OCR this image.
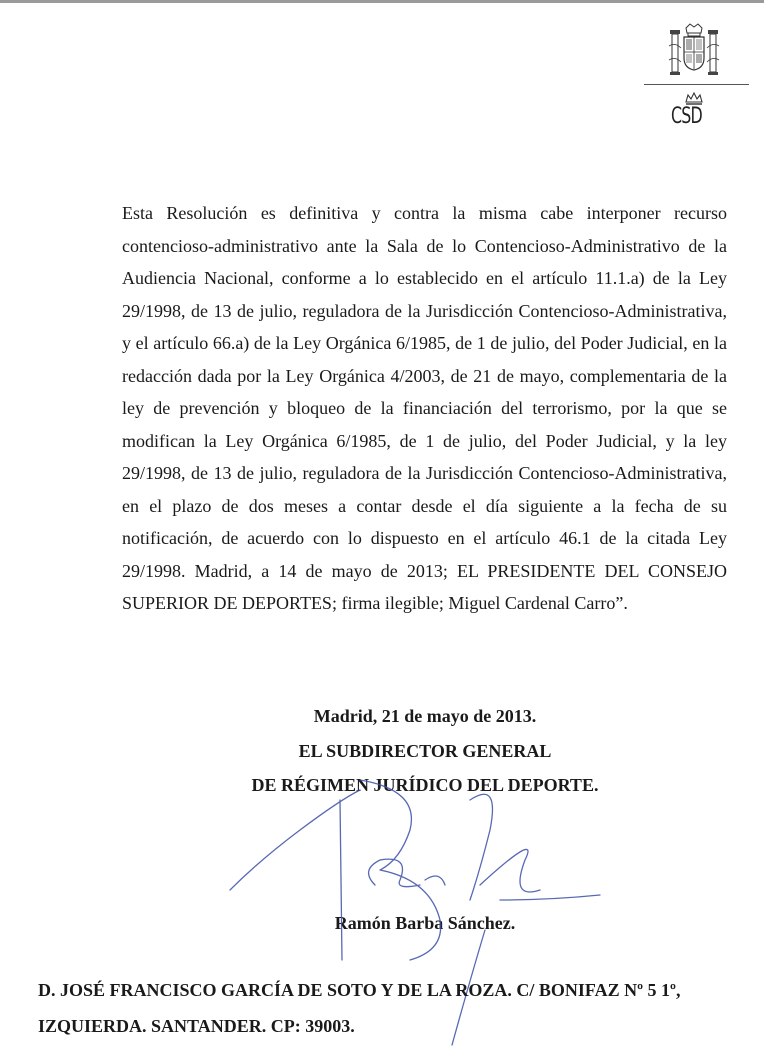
CSD

Esta Resolución es definitiva y contra la misma cabe interponer recurso contencioso-administrativo ante la Sala de lo Contencioso-Administrativo de la Audiencia Nacional, conforme a lo establecido en el artículo 11.1.a) de la Ley 29/1998, de 13 de julio, reguladora de la Jurisdicción Contencioso-Administrativa, y el artículo 66.a) de la Ley Orgánica 6/1985, de 1 de julio, del Poder Judicial, en la redacción dada por la Ley Orgánica 4/2003, de 21 de mayo, complementaria de la ley de prevención y bloqueo de la financiación del terrorismo, por la que se modifican la Ley Orgánica 6/1985, de 1 de julio, del Poder Judicial, y la ley 29/1998, de 13 de julio, reguladora de la Jurisdicción Contencioso-Administrativa, en el plazo de dos meses a contar desde el día siguiente a la fecha de su notificación, de acuerdo con lo dispuesto en el artículo 46.1 de la citada Ley 29/1998. Madrid, a 14 de mayo de 2013; EL PRESIDENTE DEL CONSEJO SUPERIOR DE DEPORTES; firma ilegible; Miguel Cardenal Carro”.

Madrid, 21 de mayo de 2013.
EL SUBDIRECTOR GENERAL
DE RÉGIMEN JURÍDICO DEL DEPORTE.
Ramón Barba Sánchez.

D. JOSÉ FRANCISCO GARCÍA DE SOTO Y DE LA ROZA. C/ BONIFAZ Nº 5 1º, IZQUIERDA. SANTANDER. CP: 39003.
